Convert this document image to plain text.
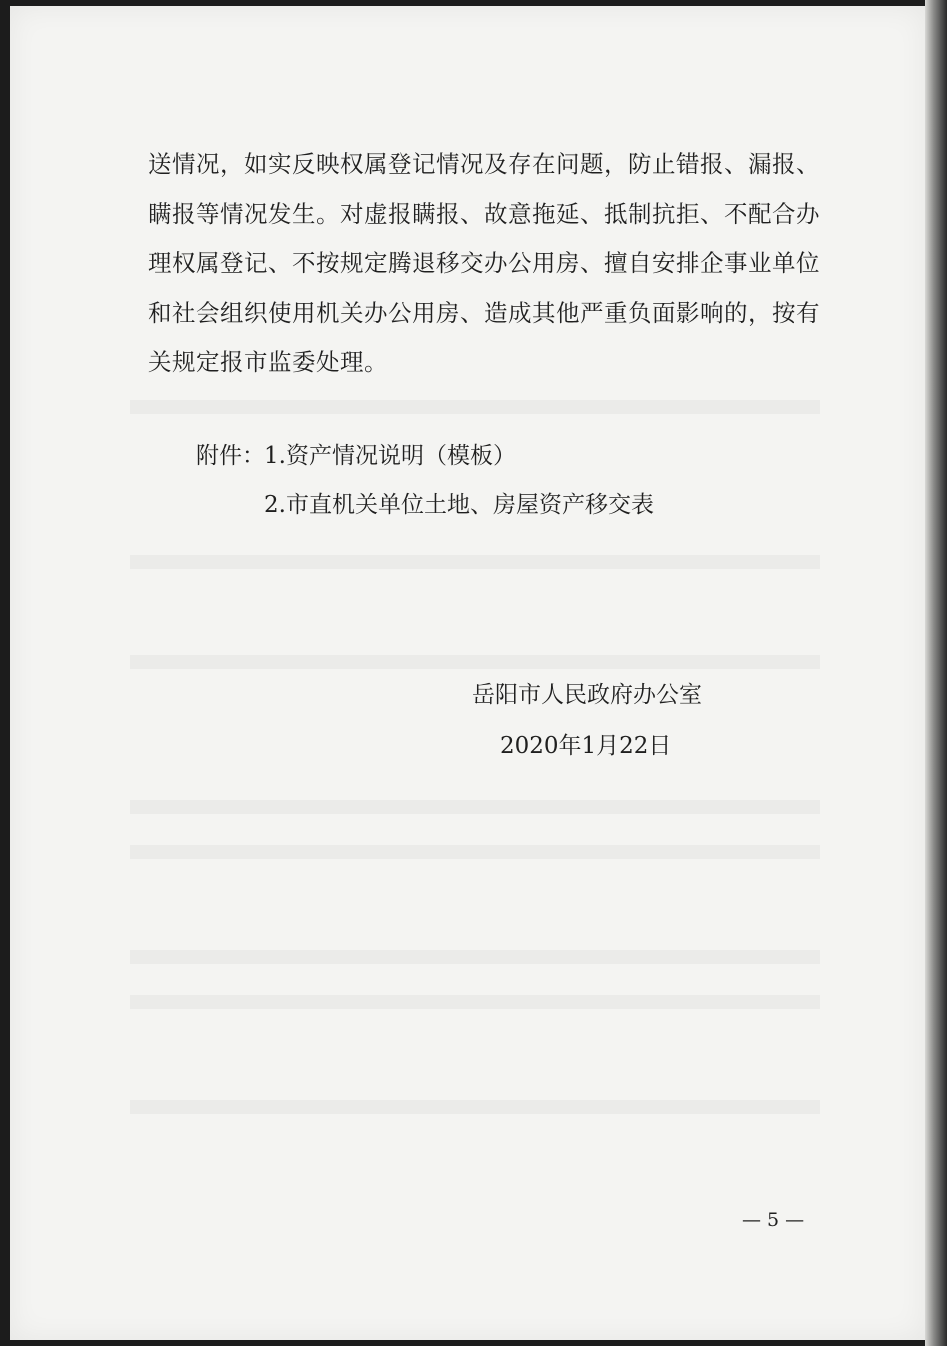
送情况，如实反映权属登记情况及存在问题，防止错报、漏报、
瞒报等情况发生。对虚报瞒报、故意拖延、抵制抗拒、不配合办
理权属登记、不按规定腾退移交办公用房、擅自安排企事业单位
和社会组织使用机关办公用房、造成其他严重负面影响的，按有
关规定报市监委处理。

附件： 1.资产情况说明（模板）
2.市直机关单位土地、房屋资产移交表
岳阳市人民政府办公室
2020年1月22日
— 5 —
